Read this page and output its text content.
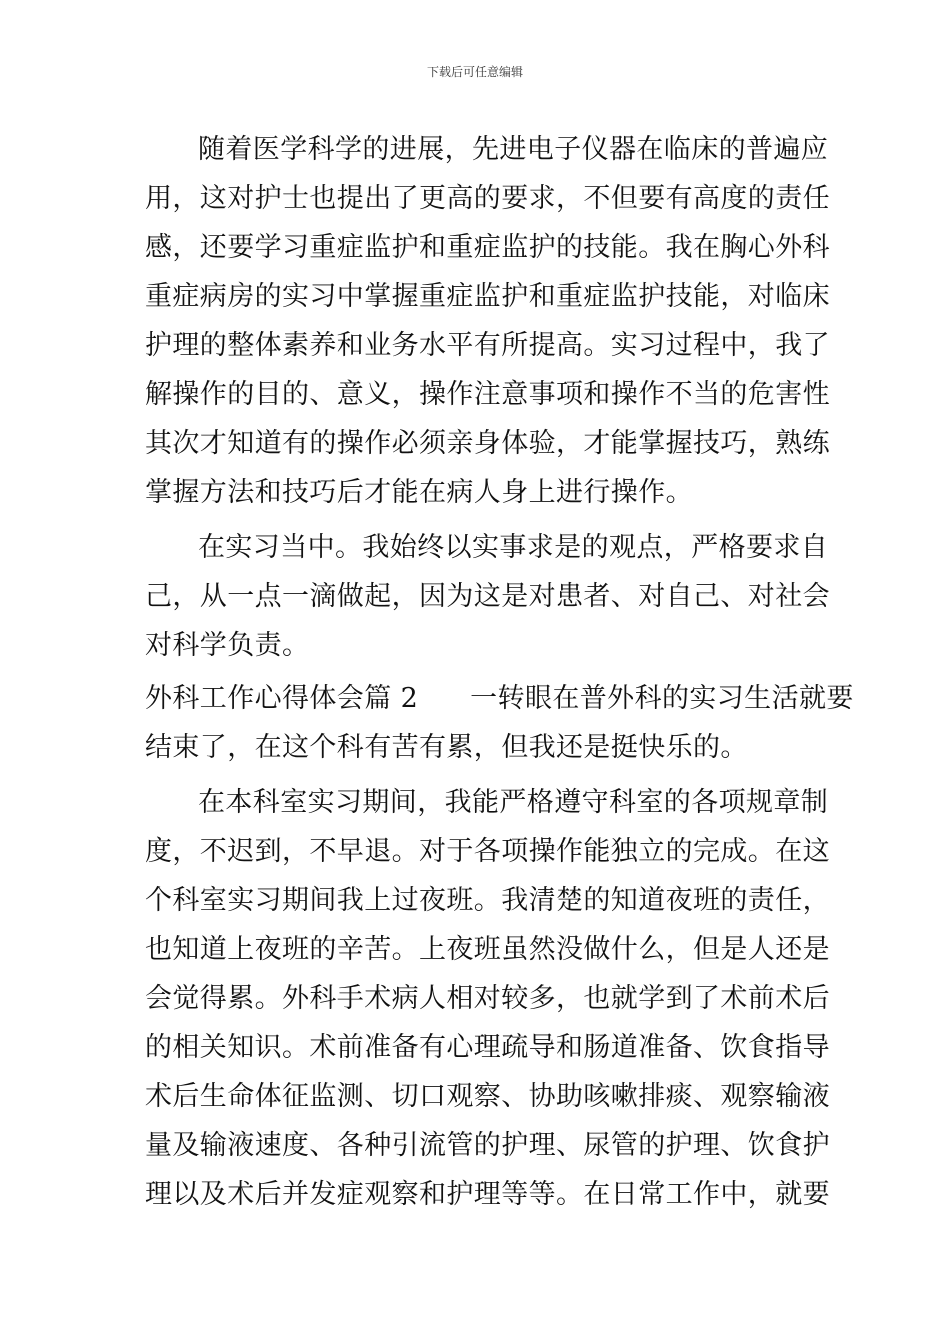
下载后可任意编辑
随着医学科学的进展，先进电子仪器在临床的普遍应
用，这对护士也提出了更高的要求，不但要有高度的责任
感，还要学习重症监护和重症监护的技能。我在胸心外科
重症病房的实习中掌握重症监护和重症监护技能，对临床
护理的整体素养和业务水平有所提高。实习过程中，我了
解操作的目的、意义，操作注意事项和操作不当的危害性
其次才知道有的操作必须亲身体验，才能掌握技巧，熟练
掌握方法和技巧后才能在病人身上进行操作。
在实习当中。我始终以实事求是的观点，严格要求自
己，从一点一滴做起，因为这是对患者、对自己、对社会
对科学负责。
外科工作心得体会篇 2 一转眼在普外科的实习生活就要
结束了，在这个科有苦有累，但我还是挺快乐的。
在本科室实习期间，我能严格遵守科室的各项规章制
度，不迟到，不早退。对于各项操作能独立的完成。在这
个科室实习期间我上过夜班。我清楚的知道夜班的责任，
也知道上夜班的辛苦。上夜班虽然没做什么，但是人还是
会觉得累。外科手术病人相对较多，也就学到了术前术后
的相关知识。术前准备有心理疏导和肠道准备、饮食指导
术后生命体征监测、切口观察、协助咳嗽排痰、观察输液
量及输液速度、各种引流管的护理、尿管的护理、饮食护
理以及术后并发症观察和护理等等。在日常工作中，就要
